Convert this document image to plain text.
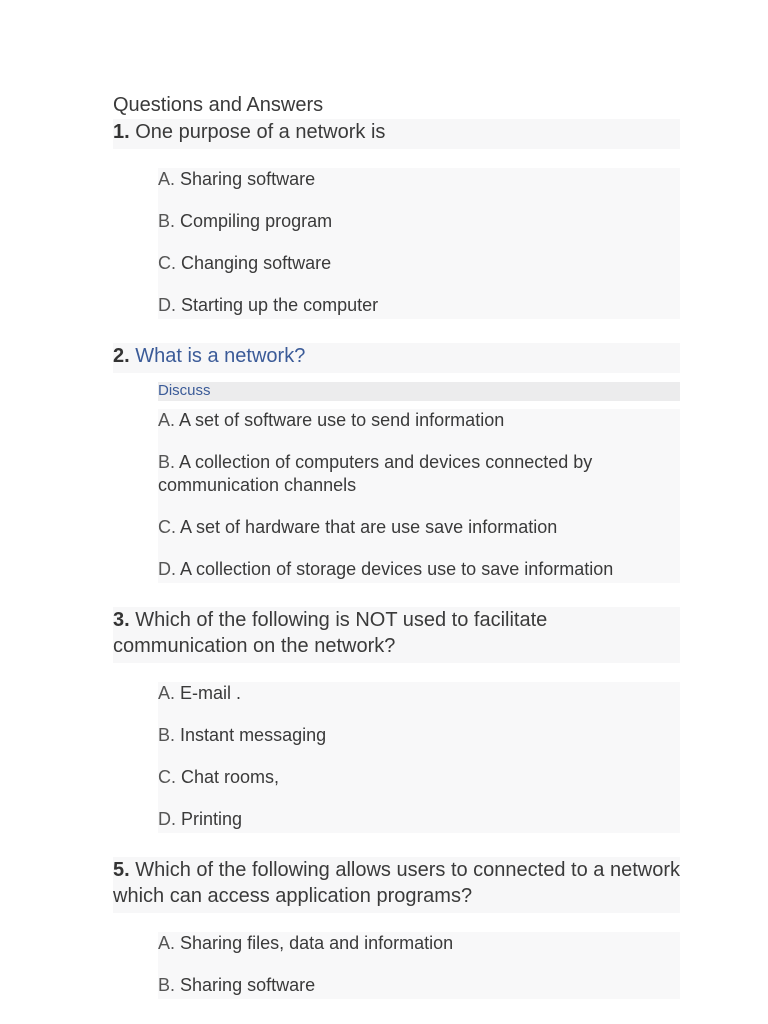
Questions and Answers
1. One purpose of a network is
A. Sharing software
B. Compiling program
C. Changing software
D. Starting up the computer
2. What is a network?
Discuss
A. A set of software use to send information
B. A collection of computers and devices connected by communication channels
C. A set of hardware that are use save information
D. A collection of storage devices use to save information
3. Which of the following is NOT used to facilitate communication on the network?
A. E-mail .
B. Instant messaging
C. Chat rooms,
D. Printing
5. Which of the following allows users to connected to a network which can access application programs?
A. Sharing files, data and information
B. Sharing software
